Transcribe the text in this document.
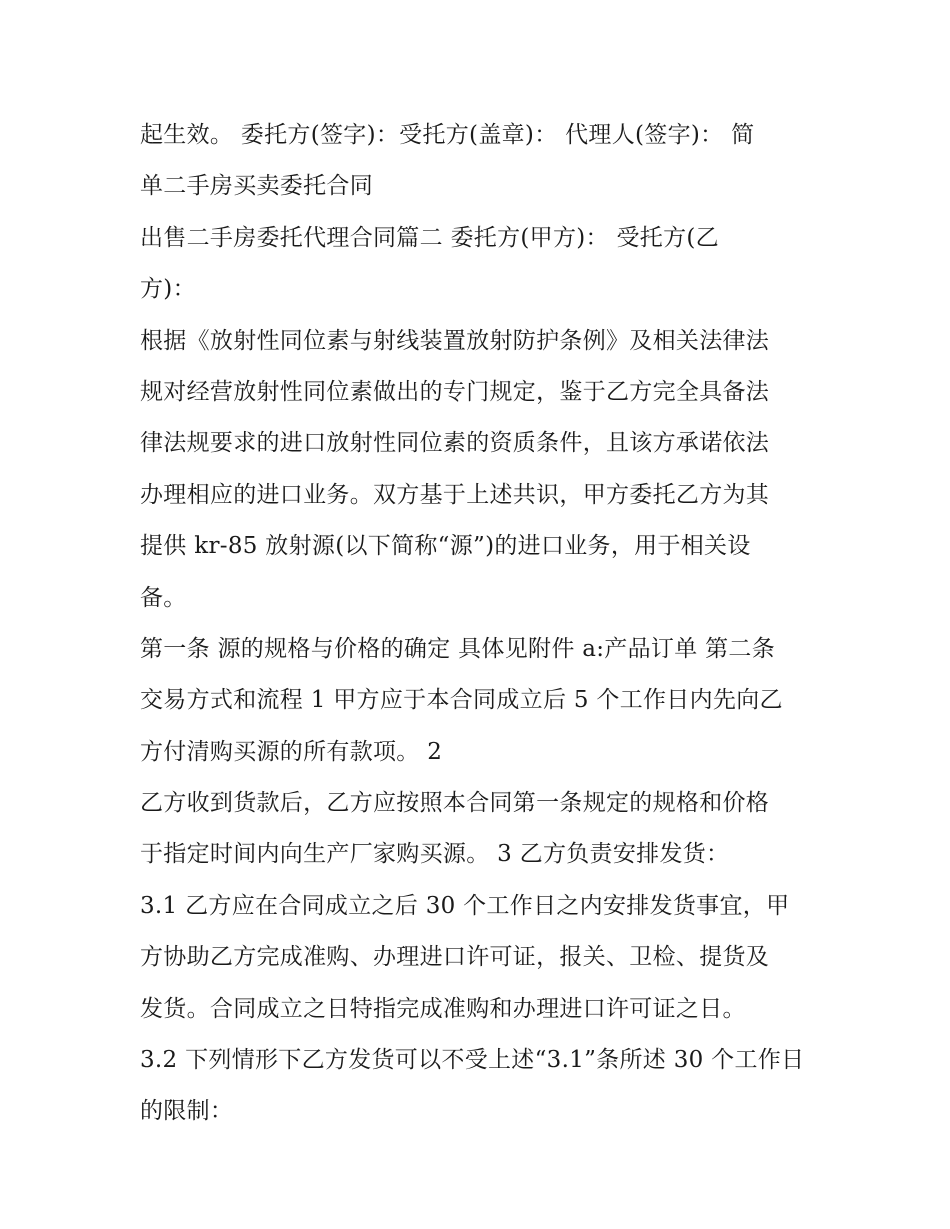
起生效。 委托方(签字)：受托方(盖章)： 代理人(签字)： 简
单二手房买卖委托合同
出售二手房委托代理合同篇二 委托方(甲方)： 受托方(乙
方)：
根据《放射性同位素与射线装置放射防护条例》及相关法律法
规对经营放射性同位素做出的专门规定，鉴于乙方完全具备法
律法规要求的进口放射性同位素的资质条件，且该方承诺依法
办理相应的进口业务。双方基于上述共识，甲方委托乙方为其
提供 kr-85 放射源(以下简称“源”)的进口业务，用于相关设
备。
第一条 源的规格与价格的确定 具体见附件 a:产品订单 第二条
交易方式和流程 1 甲方应于本合同成立后 5 个工作日内先向乙
方付清购买源的所有款项。 2
乙方收到货款后，乙方应按照本合同第一条规定的规格和价格
于指定时间内向生产厂家购买源。 3 乙方负责安排发货：
3.1 乙方应在合同成立之后 30 个工作日之内安排发货事宜，甲
方协助乙方完成准购、办理进口许可证，报关、卫检、提货及
发货。合同成立之日特指完成准购和办理进口许可证之日。
3.2 下列情形下乙方发货可以不受上述“3.1”条所述 30 个工作日
的限制：
